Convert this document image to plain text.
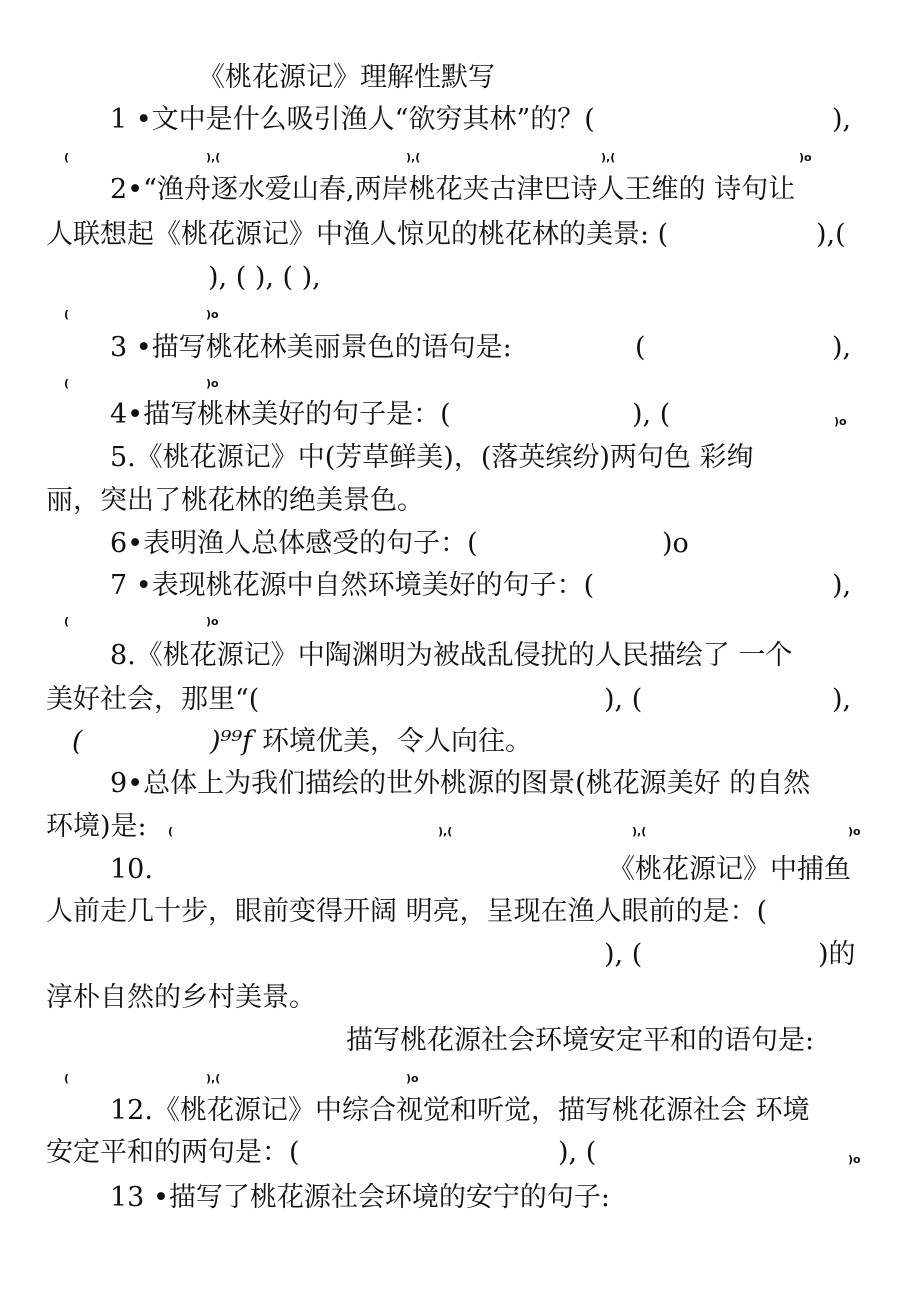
《桃花源记》理解性默写
1 •文中是什么吸引渔人“欲穷其林”的？(	),
(	),(	),(	),(	)o
2•“渔舟逐水爱山春,两岸桃花夹古津巴诗人王维的 诗句让
人联想起《桃花源记》中渔人惊见的桃花林的美景: (	),(
), ( ), ( ),
(	)o
3 •描写桃花林美丽景色的语句是:	(	),
(	)o
4•描写桃林美好的句子是：(	), (	)o
5.《桃花源记》中(芳草鲜美)，(落英缤纷)两句色 彩绚
丽，突出了桃花林的绝美景色。
6•表明渔人总体感受的句子：(	)o
7 •表现桃花源中自然环境美好的句子：(	),
(	)o
8.《桃花源记》中陶渊明为被战乱侵扰的人民描绘了 一个
美好社会，那里“(	), (	),
(	)⁹⁹f 环境优美，令人向往。
9•总体上为我们描绘的世外桃源的图景(桃花源美好 的自然
环境)是: (	),(	),(	)o
10.	《桃花源记》中捕鱼
人前走几十步，眼前变得开阔 明亮，呈现在渔人眼前的是：(
), (	)的
淳朴自然的乡村美景。
描写桃花源社会环境安定平和的语句是:
(	),(	)o
12.《桃花源记》中综合视觉和听觉，描写桃花源社会 环境
安定平和的两句是：(	), (	)o
13 •描写了桃花源社会环境的安宁的句子:
